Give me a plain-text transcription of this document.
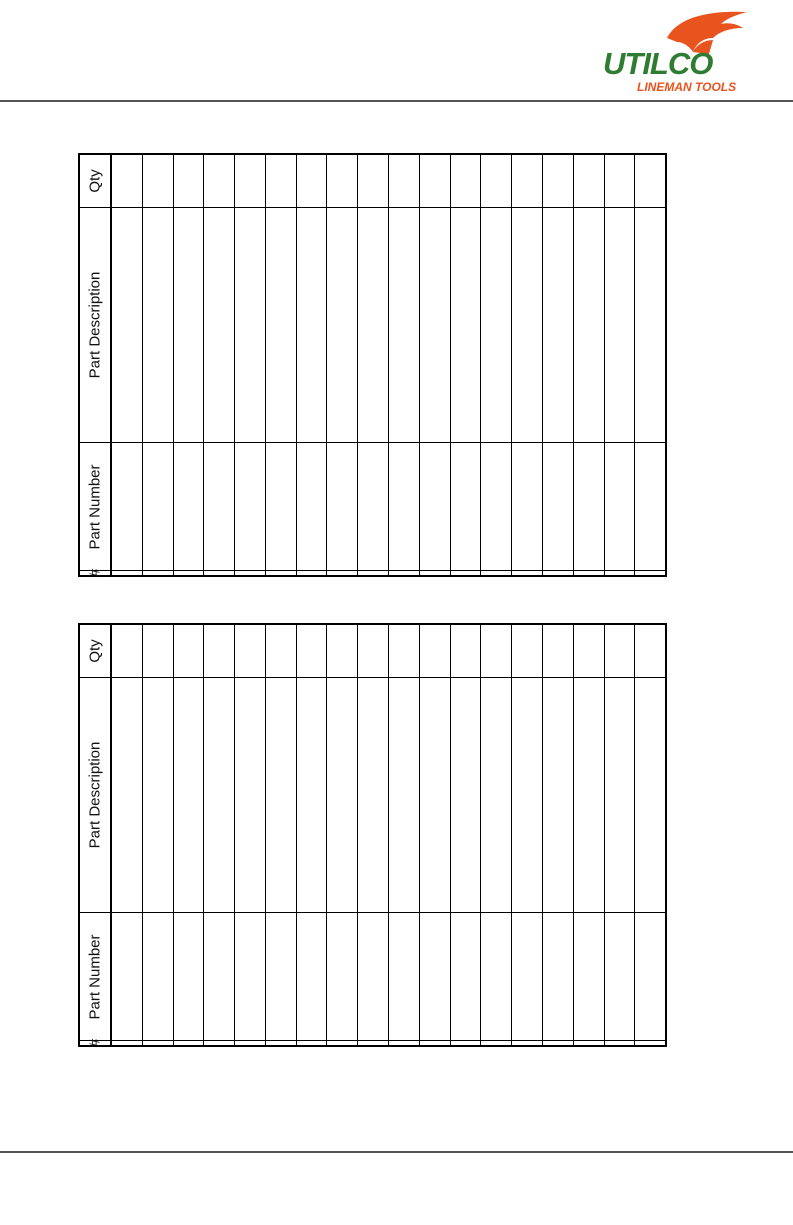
UTILCO
LINEMAN TOOLS
Qty
Part Description
Part Number
#
Qty
Part Description
Part Number
#
